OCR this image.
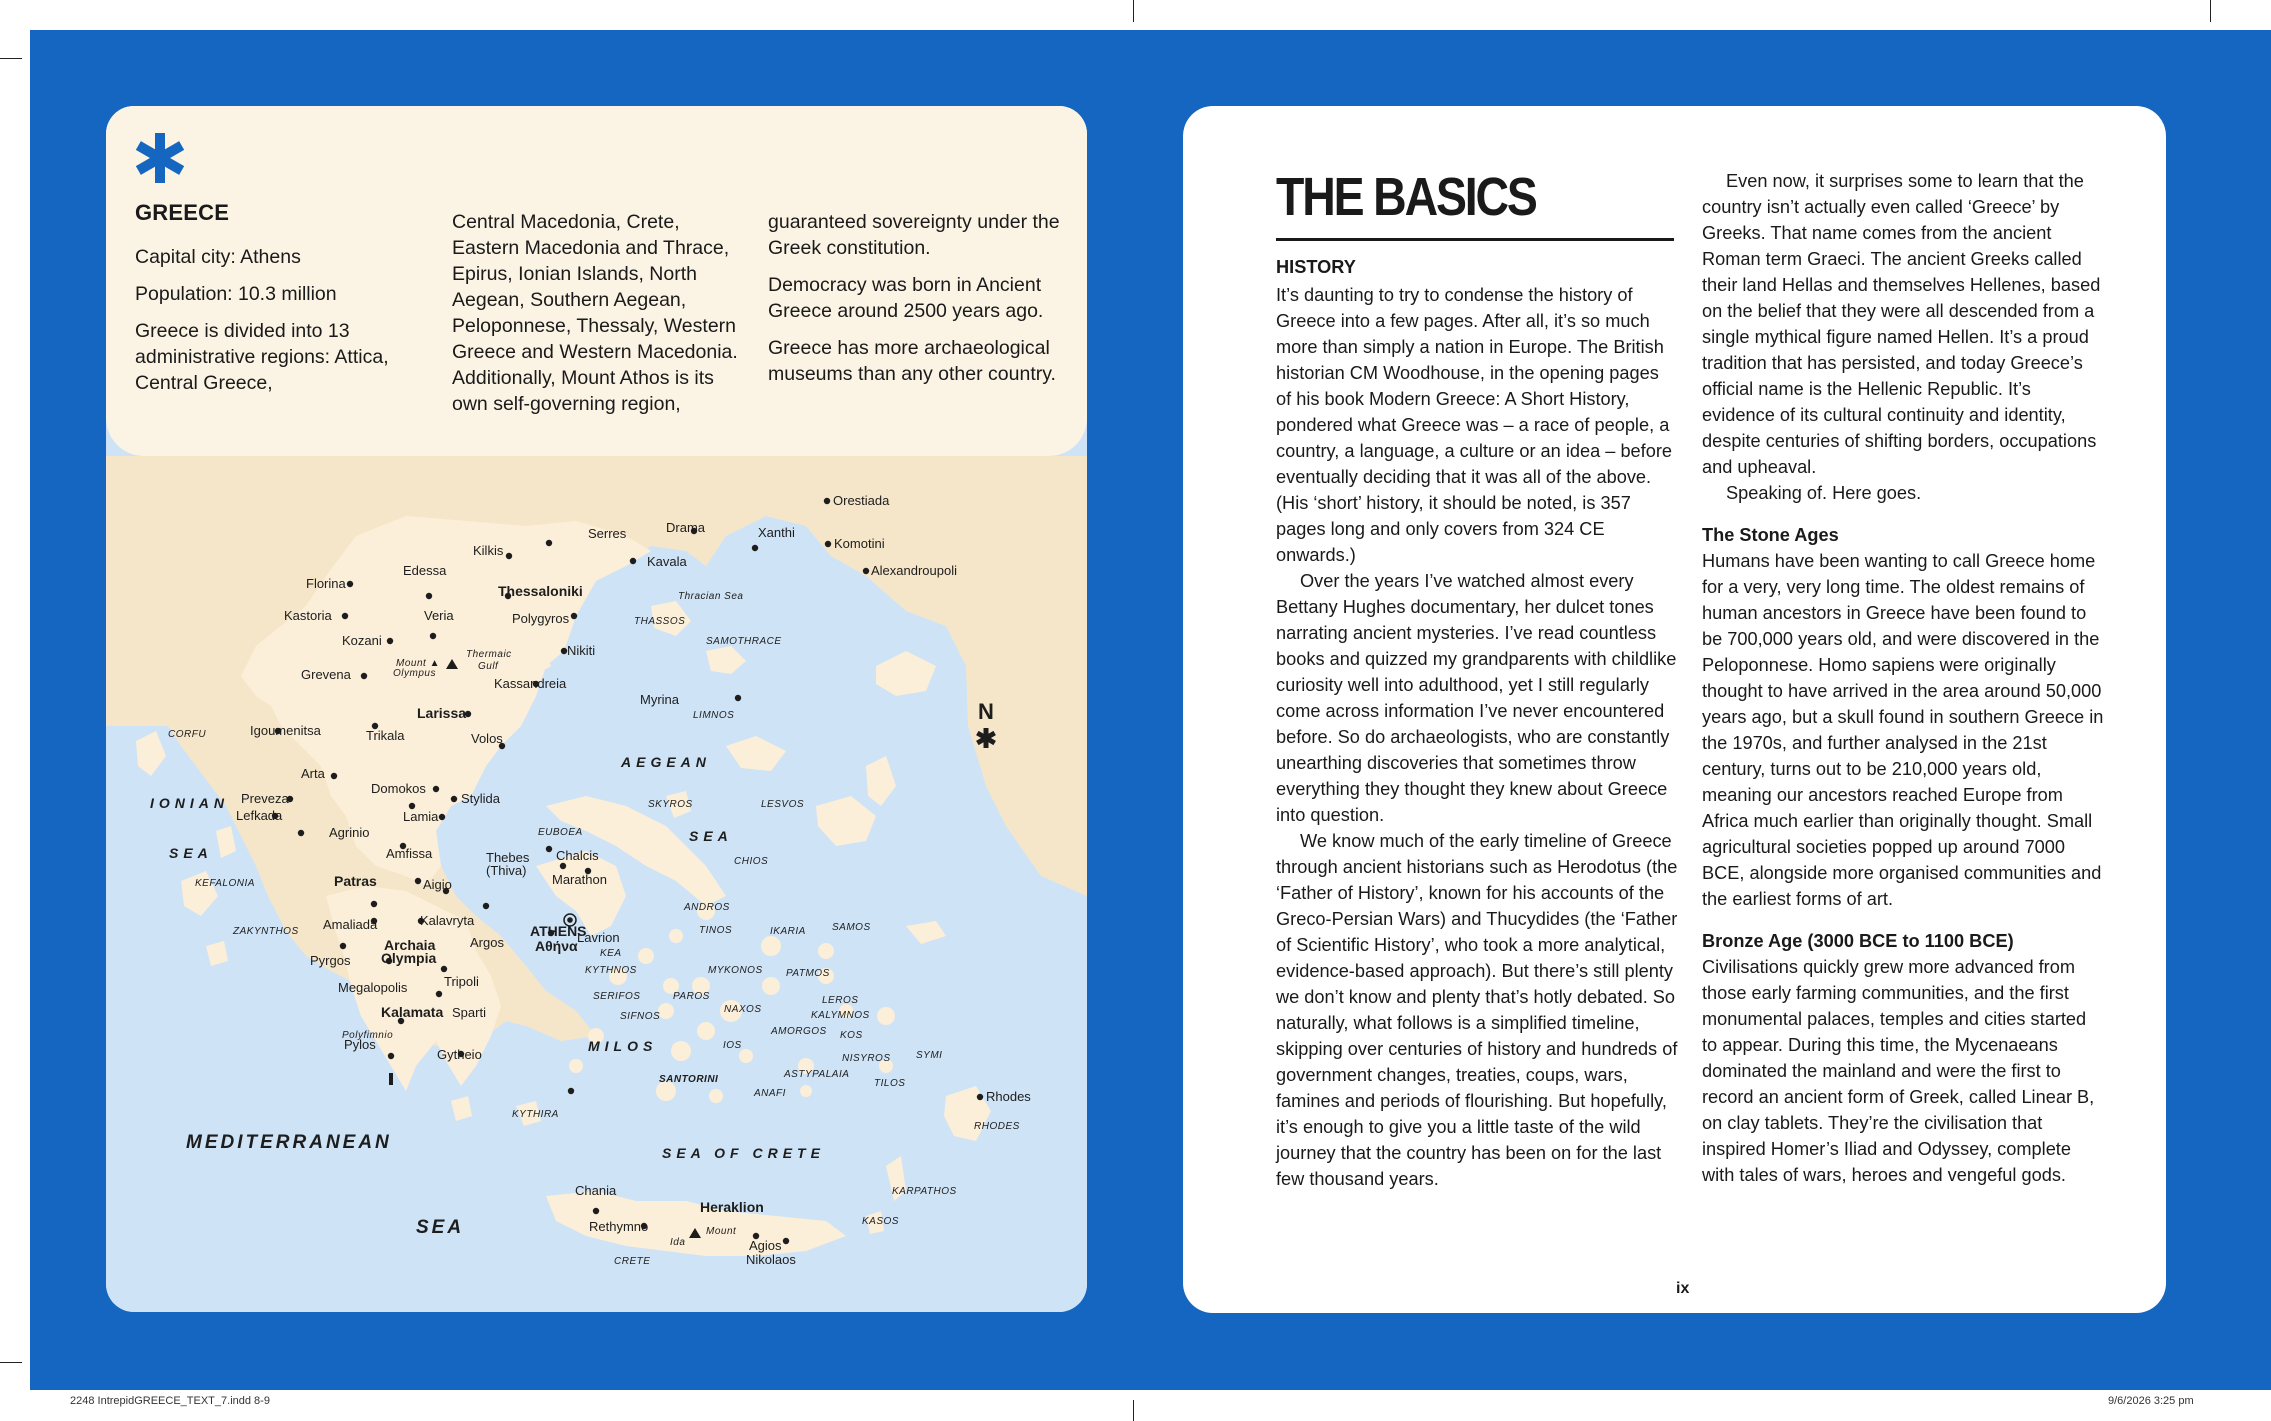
N
Orestiada
Serres	Drama	Xanthi
Komotini
Kilkis
Kavala
Alexandroupoli
Florina
Edessa
Thessaloniki
Kastoria	Veria	Polygyros
Kozani
Nikiti
Grevena
Kassandreia
Myrina
Igoumenitsa
Larissa
Trikala	Volos
Arta
Domokos
Preveza
Lefkada
Stylida
Lamia
Agrinio
Amfissa	Chalcis
Marathon
Patras	Aigio
Kalavryta
Amaliada
Argos	Lavrion
Pyrgos
Megalopolis	Tripoli
Sparti
Kalamata
Pylos
Gytheio
Chania
Rethymno
Heraklion
Agios
Nikolaos
Rhodes
ATHENS
Αθήνα
Archaia
Olympia
Mount ▲
Olympus
Thermaic
Gulf
Thebes
(Thiva)
Polyfimnio
Mount
Ida
Thracian Sea
THASSOS
SAMOTHRACE
LIMNOS
CORFU
AEGEAN
SKYROS	LESVOS
SEA
EUBOEA
CHIOS
IONIAN
SEA
KEFALONIA
ANDROS
TINOS	IKARIA	SAMOS
ZAKYNTHOS
KEA
KYTHNOS	MYKONOS PATMOS
SERIFOS	PAROS
NAXOS
LEROS
SIFNOS	KALYMNOS
AMORGOS KOS
MILOS	IOS
NISYROS	SYMI
SANTORINI	ASTYPALAIA
TILOS
ANAFI
RHODES
KYTHIRA
KARPATHOS
KASOS
CRETE
MEDITERRANEAN
SEA
SEA OF CRETE

GREECE

Capital city: Athens

Population: 10.3 million

Greece is divided into 13 administrative regions: Attica, Central Greece,

Central Macedonia, Crete, Eastern Macedonia and Thrace, Epirus, Ionian Islands, North Aegean, Southern Aegean, Peloponnese, Thessaly, Western Greece and Western Macedonia. Additionally, Mount Athos is its own self-governing region,

guaranteed sovereignty under the Greek constitution.

Democracy was born in Ancient Greece around 2500 years ago.

Greece has more archaeological museums than any other country.

THE BASICS

HISTORY

It’s daunting to try to condense the history of Greece into a few pages. After all, it’s so much more than simply a nation in Europe. The British historian CM Woodhouse, in the opening pages of his book Modern Greece: A Short History, pondered what Greece was – a race of people, a country, a language, a culture or an idea – before eventually deciding that it was all of the above. (His ‘short’ history, it should be noted, is 357 pages long and only covers from 324 CE onwards.)

Over the years I’ve watched almost every Bettany Hughes documentary, her dulcet tones narrating ancient mysteries. I’ve read countless books and quizzed my grandparents with childlike curiosity well into adulthood, yet I still regularly come across information I’ve never encountered before. So do archaeologists, who are constantly unearthing discoveries that sometimes throw everything they thought they knew about Greece into question.

We know much of the early timeline of Greece through ancient historians such as Herodotus (the ‘Father of History’, known for his accounts of the Greco-Persian Wars) and Thucydides (the ‘Father of Scientific History’, who took a more analytical, evidence-based approach). But there’s still plenty we don’t know and plenty that’s hotly debated. So naturally, what follows is a simplified timeline, skipping over centuries of history and hundreds of government changes, treaties, coups, wars, famines and periods of flourishing. But hopefully, it’s enough to give you a little taste of the wild journey that the country has been on for the last few thousand years.

Even now, it surprises some to learn that the country isn’t actually even called ‘Greece’ by Greeks. That name comes from the ancient Roman term Graeci. The ancient Greeks called their land Hellas and themselves Hellenes, based on the belief that they were all descended from a single mythical figure named Hellen. It’s a proud tradition that has persisted, and today Greece’s official name is the Hellenic Republic. It’s evidence of its cultural continuity and identity, despite centuries of shifting borders, occupations and upheaval.

Speaking of. Here goes.

The Stone Ages

Humans have been wanting to call Greece home for a very, very long time. The oldest remains of human ancestors in Greece have been found to be 700,000 years old, and were discovered in the Peloponnese. Homo sapiens were originally thought to have arrived in the area around 50,000 years ago, but a skull found in southern Greece in the 1970s, and further analysed in the 21st century, turns out to be 210,000 years old, meaning our ancestors reached Europe from Africa much earlier than originally thought. Small agricultural societies popped up around 7000 BCE, alongside more organised communities and the earliest forms of art.

Bronze Age (3000 BCE to 1100 BCE)

Civilisations quickly grew more advanced from those early farming communities, and the first monumental palaces, temples and cities started to appear. During this time, the Mycenaeans dominated the mainland and were the first to record an ancient form of Greek, called Linear B, on clay tablets. They’re the civilisation that inspired Homer’s Iliad and Odyssey, complete with tales of wars, heroes and vengeful gods.

ix
2248 IntrepidGREECE_TEXT_7.indd 8-9	9/6/2026 3:25 pm
